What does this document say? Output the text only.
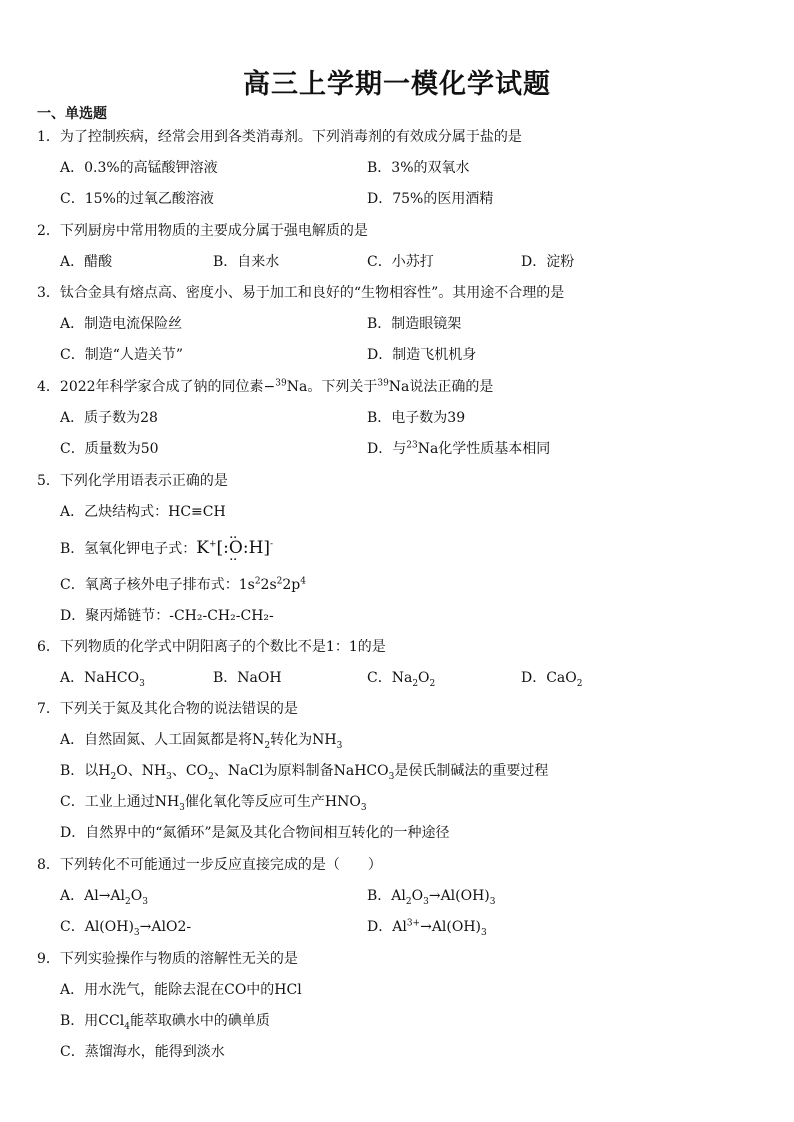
高三上学期一模化学试题
一、单选题
1．为了控制疾病，经常会用到各类消毒剂。下列消毒剂的有效成分属于盐的是
A．0.3%的高锰酸钾溶液	B．3%的双氧水
C．15%的过氧乙酸溶液	D．75%的医用酒精
2．下列厨房中常用物质的主要成分属于强电解质的是
A．醋酸	B．自来水	C．小苏打	D．淀粉
3．钛合金具有熔点高、密度小、易于加工和良好的“生物相容性”。其用途不合理的是
A．制造电流保险丝	B．制造眼镜架
C．制造“人造关节”	D．制造飞机机身
4．2022年科学家合成了钠的同位素−$^{39}$Na。下列关于$^{39}$Na说法正确的是
A．质子数为28	B．电子数为39
C．质量数为50	D．与$^{23}$Na化学性质基本相同
5．下列化学用语表示正确的是
A．乙炔结构式：HC≡CH
B．氢氧化钾电子式：K+[:⋅⋅ O ⋅⋅:H]-
C．氧离子核外电子排布式：$1s^22s^22p^4$
D．聚丙烯链节：-CH₂-CH₂-CH₂-
6．下列物质的化学式中阴阳离子的个数比不是1：1的是
A．NaHCO$_3$	B．NaOH	C．$Na_2O_2$	D．CaO$_2$
7．下列关于氮及其化合物的说法错误的是
A．自然固氮、人工固氮都是将$N_2$转化为$NH_3$
B．以$H_2O$、$NH_3$、$CO_2$、NaCl为原料制备NaHCO$_3$是侯氏制碱法的重要过程
C．工业上通过$NH_3$催化氧化等反应可生产$HNO_3$
D．自然界中的“氮循环”是氮及其化合物间相互转化的一种途径
8．下列转化不可能通过一步反应直接完成的是（　　）
A．$Al\to Al_2O_3$	B．$Al_2O_3\to Al(OH)_3$
C．$Al(OH)_3\to AlO2-$	D．$Al^{3+}\to Al(OH)_3$
9．下列实验操作与物质的溶解性无关的是
A．用水洗气，能除去混在CO中的HCl
B．用CCl$_4$能萃取碘水中的碘单质
C．蒸馏海水，能得到淡水
